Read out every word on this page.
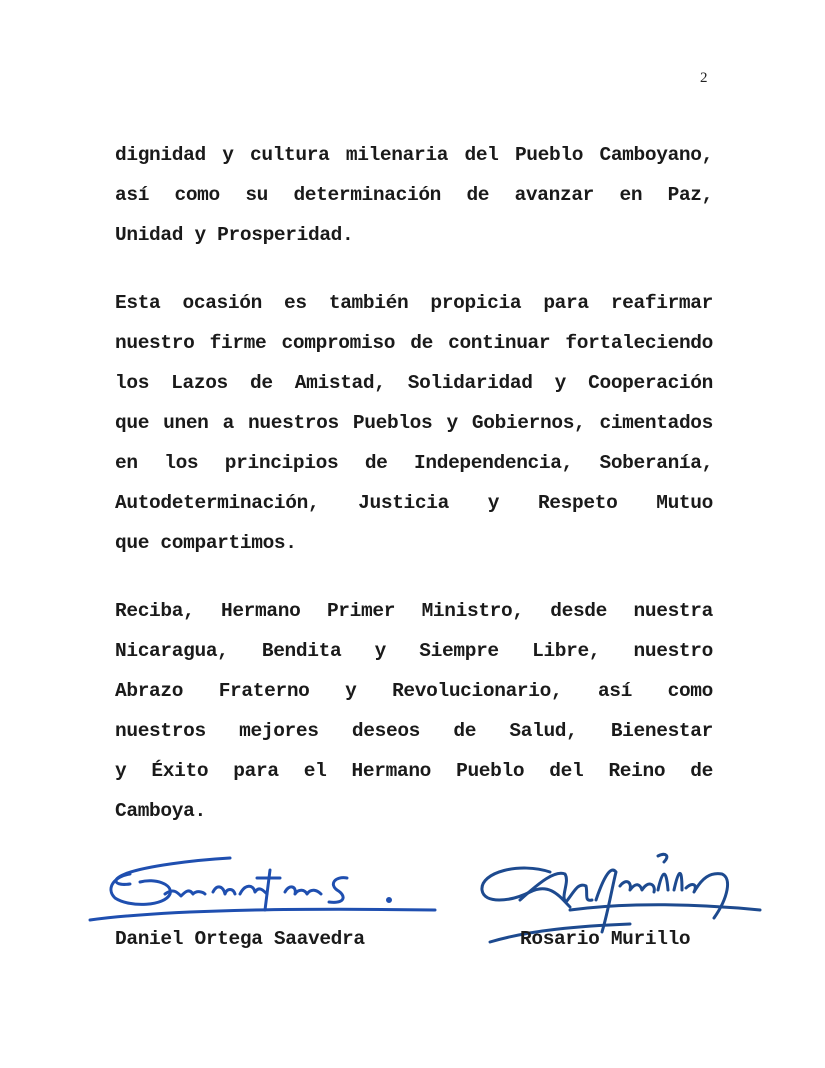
2
dignidad y cultura milenaria del Pueblo Camboyano,
así como su determinación de avanzar en Paz,
Unidad y Prosperidad.
Esta ocasión es también propicia para reafirmar
nuestro firme compromiso de continuar fortaleciendo
los Lazos de Amistad, Solidaridad y Cooperación
que unen a nuestros Pueblos y Gobiernos, cimentados
en los principios de Independencia, Soberanía,
Autodeterminación, Justicia y Respeto Mutuo
que compartimos.
Reciba, Hermano Primer Ministro, desde nuestra
Nicaragua, Bendita y Siempre Libre, nuestro
Abrazo Fraterno y Revolucionario, así como
nuestros mejores deseos de Salud, Bienestar
y Éxito para el Hermano Pueblo del Reino de
Camboya.
Daniel Ortega Saavedra	Rosario Murillo
